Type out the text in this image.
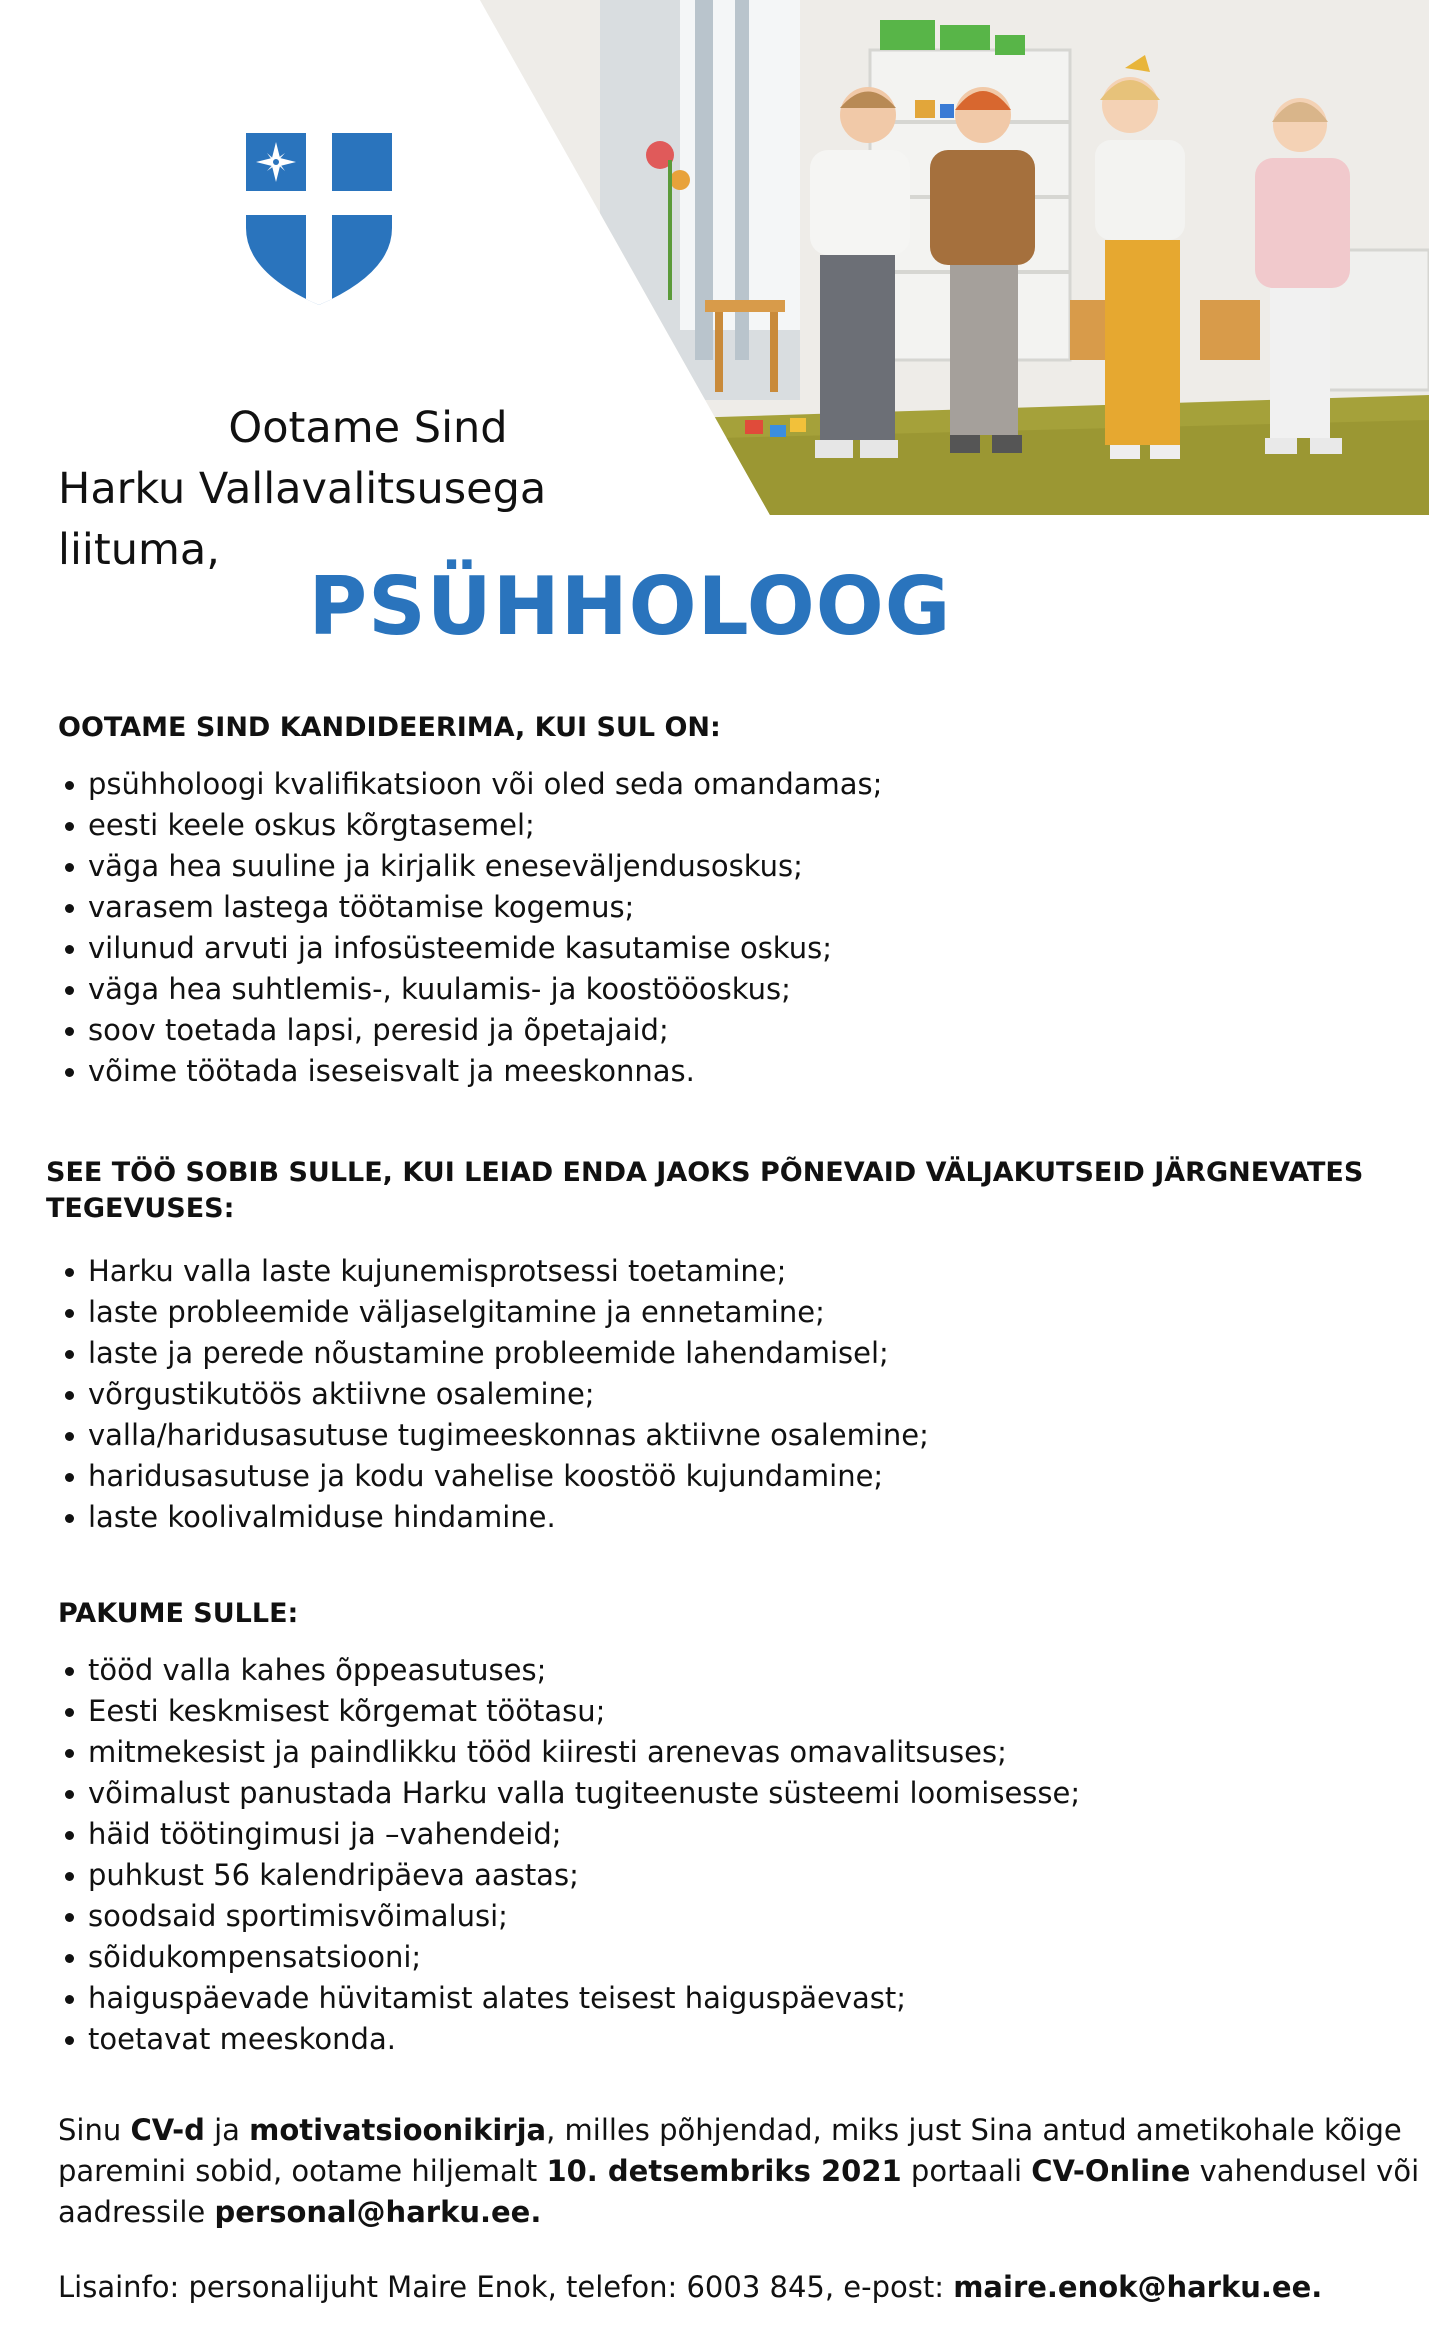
Ootame Sind
Harku Vallavalitsusega liituma,
PSÜHHOLOOG
OOTAME SIND KANDIDEERIMA, KUI SUL ON:
psühholoogi kvalifikatsioon või oled seda omandamas;
eesti keele oskus kõrgtasemel;
väga hea suuline ja kirjalik eneseväljendusoskus;
varasem lastega töötamise kogemus;
vilunud arvuti ja infosüsteemide kasutamise oskus;
väga hea suhtlemis-, kuulamis- ja koostööoskus;
soov toetada lapsi, peresid ja õpetajaid;
võime töötada iseseisvalt ja meeskonnas.
SEE TÖÖ SOBIB SULLE, KUI LEIAD ENDA JAOKS PÕNEVAID VÄLJAKUTSEID JÄRGNEVATES
TEGEVUSES:
Harku valla laste kujunemisprotsessi toetamine;
laste probleemide väljaselgitamine ja ennetamine;
laste ja perede nõustamine probleemide lahendamisel;
võrgustikutöös aktiivne osalemine;
valla/haridusasutuse tugimeeskonnas aktiivne osalemine;
haridusasutuse ja kodu vahelise koostöö kujundamine;
laste koolivalmiduse hindamine.
PAKUME SULLE:
tööd valla kahes õppeasutuses;
Eesti keskmisest kõrgemat töötasu;
mitmekesist ja paindlikku tööd kiiresti arenevas omavalitsuses;
võimalust panustada Harku valla tugiteenuste süsteemi loomisesse;
häid töötingimusi ja –vahendeid;
puhkust 56 kalendripäeva aastas;
soodsaid sportimisvõimalusi;
sõidukompensatsiooni;
haiguspäevade hüvitamist alates teisest haiguspäevast;
toetavat meeskonda.
Sinu CV-d ja motivatsioonikirja, milles põhjendad, miks just Sina antud ametikohale kõige
paremini sobid, ootame hiljemalt 10. detsembriks 2021 portaali CV-Online vahendusel või
aadressile personal@harku.ee.
Lisainfo: personalijuht Maire Enok, telefon: 6003 845, e-post: maire.enok@harku.ee.
